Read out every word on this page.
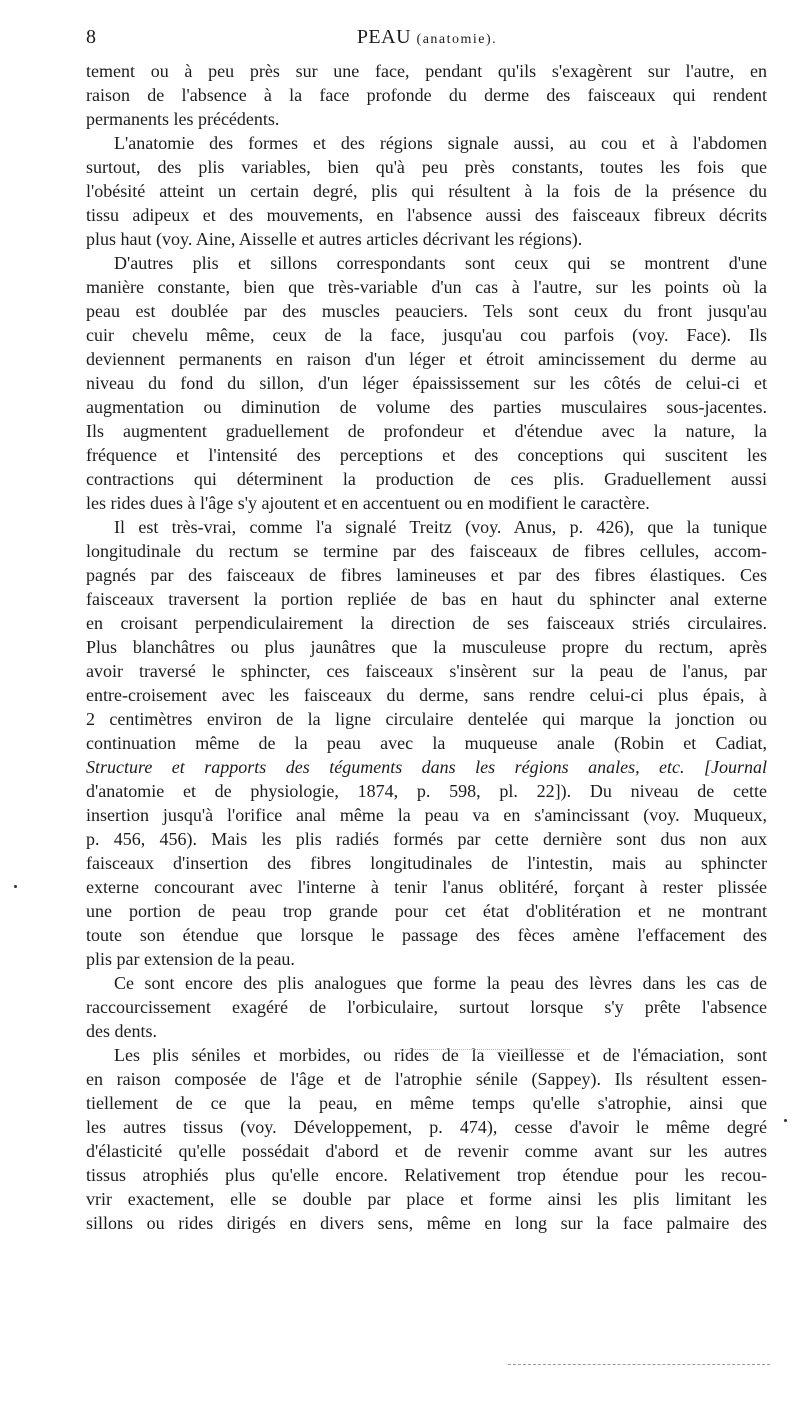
8	PEAU (anatomie).
tement ou à peu près sur une face, pendant qu'ils s'exagèrent sur l'autre, en
raison de l'absence à la face profonde du derme des faisceaux qui rendent
permanents les précédents.
L'anatomie des formes et des régions signale aussi, au cou et à l'abdomen
surtout, des plis variables, bien qu'à peu près constants, toutes les fois que
l'obésité atteint un certain degré, plis qui résultent à la fois de la présence du
tissu adipeux et des mouvements, en l'absence aussi des faisceaux fibreux décrits
plus haut (voy. Aine, Aisselle et autres articles décrivant les régions).
D'autres plis et sillons correspondants sont ceux qui se montrent d'une
manière constante, bien que très-variable d'un cas à l'autre, sur les points où la
peau est doublée par des muscles peauciers. Tels sont ceux du front jusqu'au
cuir chevelu même, ceux de la face, jusqu'au cou parfois (voy. Face). Ils
deviennent permanents en raison d'un léger et étroit amincissement du derme au
niveau du fond du sillon, d'un léger épaississement sur les côtés de celui-ci et
augmentation ou diminution de volume des parties musculaires sous-jacentes.
Ils augmentent graduellement de profondeur et d'étendue avec la nature, la
fréquence et l'intensité des perceptions et des conceptions qui suscitent les
contractions qui déterminent la production de ces plis. Graduellement aussi
les rides dues à l'âge s'y ajoutent et en accentuent ou en modifient le caractère.
Il est très-vrai, comme l'a signalé Treitz (voy. Anus, p. 426), que la tunique
longitudinale du rectum se termine par des faisceaux de fibres cellules, accom-
pagnés par des faisceaux de fibres lamineuses et par des fibres élastiques. Ces
faisceaux traversent la portion repliée de bas en haut du sphincter anal externe
en croisant perpendiculairement la direction de ses faisceaux striés circulaires.
Plus blanchâtres ou plus jaunâtres que la musculeuse propre du rectum, après
avoir traversé le sphincter, ces faisceaux s'insèrent sur la peau de l'anus, par
entre-croisement avec les faisceaux du derme, sans rendre celui-ci plus épais, à
2 centimètres environ de la ligne circulaire dentelée qui marque la jonction ou
continuation même de la peau avec la muqueuse anale (Robin et Cadiat,
Structure et rapports des téguments dans les régions anales, etc. [Journal
d'anatomie et de physiologie, 1874, p. 598, pl. 22]). Du niveau de cette
insertion jusqu'à l'orifice anal même la peau va en s'amincissant (voy. Muqueux,
p. 456, 456). Mais les plis radiés formés par cette dernière sont dus non aux
faisceaux d'insertion des fibres longitudinales de l'intestin, mais au sphincter
externe concourant avec l'interne à tenir l'anus oblitéré, forçant à rester plissée
une portion de peau trop grande pour cet état d'oblitération et ne montrant
toute son étendue que lorsque le passage des fèces amène l'effacement des
plis par extension de la peau.
Ce sont encore des plis analogues que forme la peau des lèvres dans les cas de
raccourcissement exagéré de l'orbiculaire, surtout lorsque s'y prête l'absence
des dents.
Les plis séniles et morbides, ou rides de la vieillesse et de l'émaciation, sont
en raison composée de l'âge et de l'atrophie sénile (Sappey). Ils résultent essen-
tiellement de ce que la peau, en même temps qu'elle s'atrophie, ainsi que
les autres tissus (voy. Développement, p. 474), cesse d'avoir le même degré
d'élasticité qu'elle possédait d'abord et de revenir comme avant sur les autres
tissus atrophiés plus qu'elle encore. Relativement trop étendue pour les recou-
vrir exactement, elle se double par place et forme ainsi les plis limitant les
sillons ou rides dirigés en divers sens, même en long sur la face palmaire des
